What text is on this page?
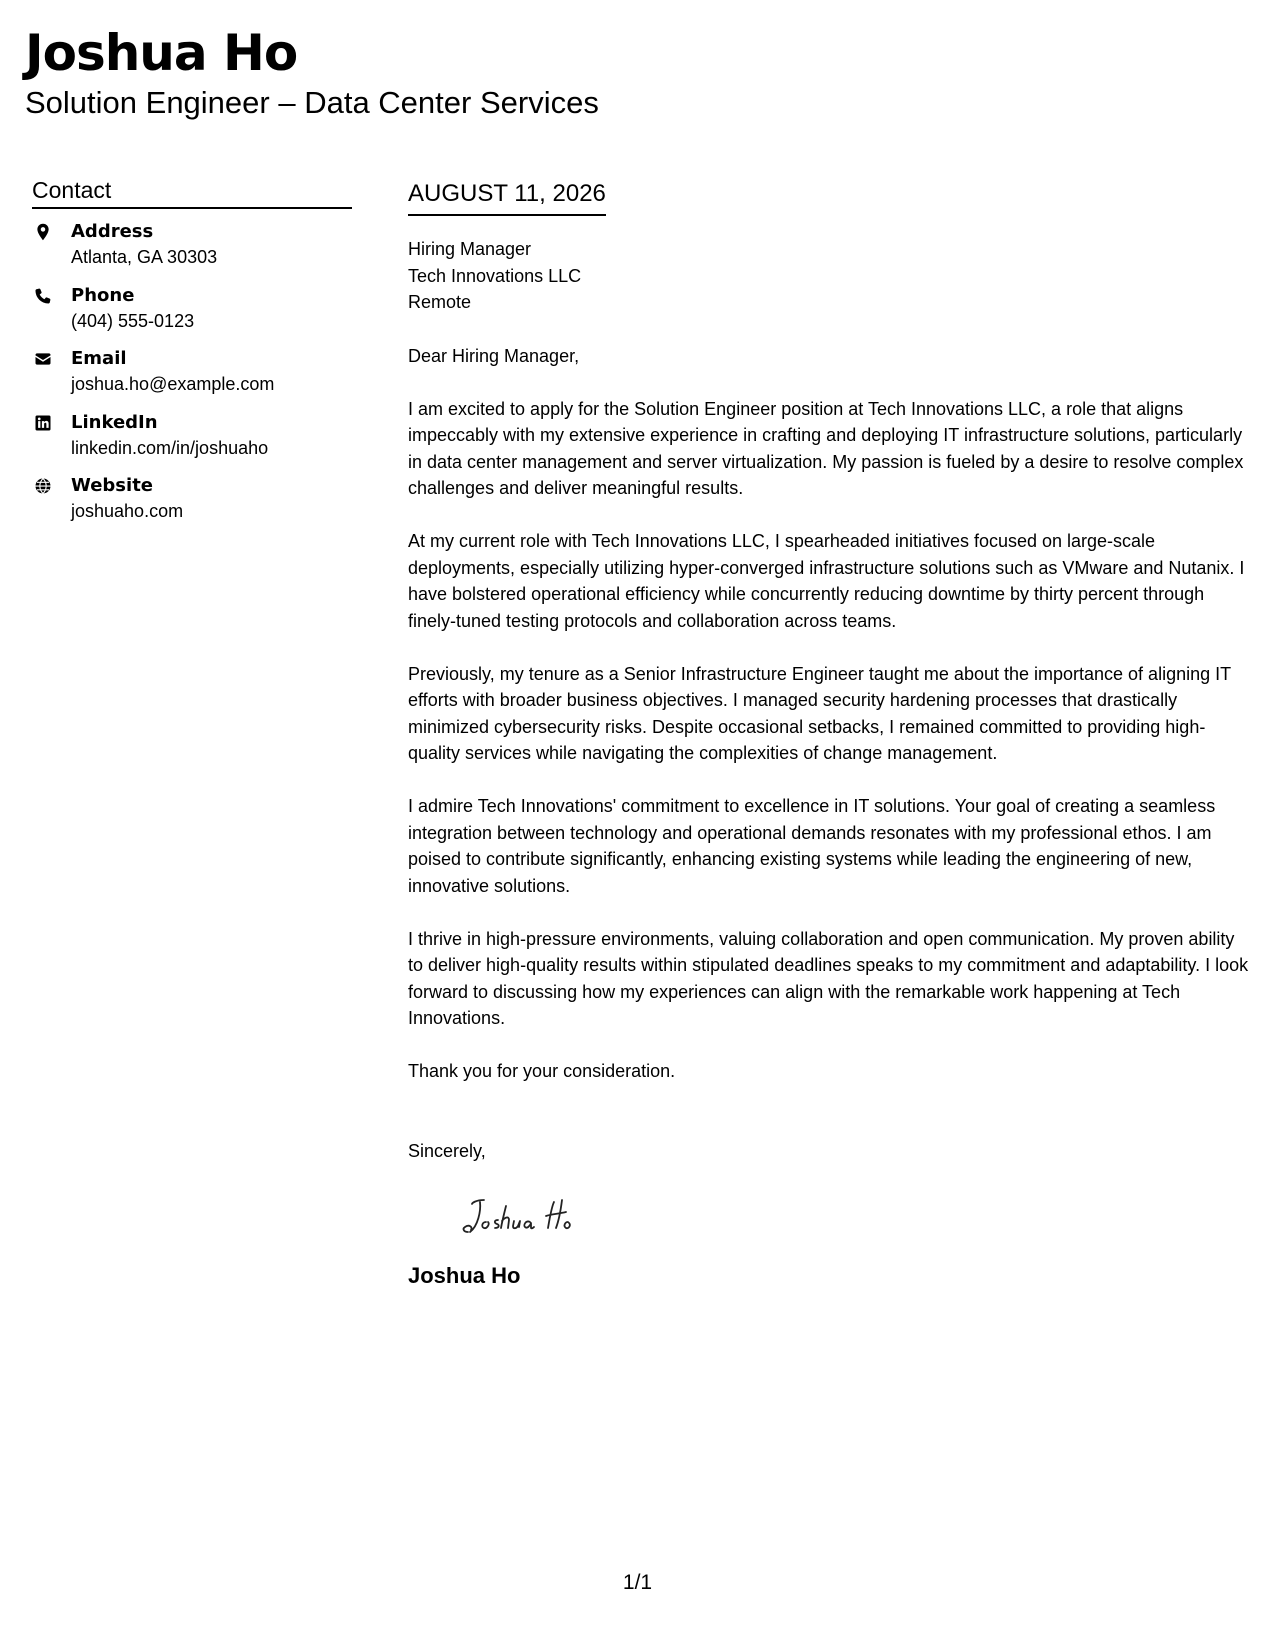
Joshua Ho

Solution Engineer – Data Center Services

Contact
Address
Atlanta, GA 30303
Phone
(404) 555-0123
Email
joshua.ho@example.com
LinkedIn
linkedin.com/in/joshuaho
Website
joshuaho.com
AUGUST 11, 2026
Hiring Manager
Tech Innovations LLC
Remote

Dear Hiring Manager,

I am excited to apply for the Solution Engineer position at Tech Innovations LLC, a role that aligns impeccably with my extensive experience in crafting and deploying IT infrastructure solutions, particularly in data center management and server virtualization. My passion is fueled by a desire to resolve complex challenges and deliver meaningful results.

At my current role with Tech Innovations LLC, I spearheaded initiatives focused on large-scale deployments, especially utilizing hyper-converged infrastructure solutions such as VMware and Nutanix. I have bolstered operational efficiency while concurrently reducing downtime by thirty percent through finely-tuned testing protocols and collaboration across teams.

Previously, my tenure as a Senior Infrastructure Engineer taught me about the importance of aligning IT efforts with broader business objectives. I managed security hardening processes that drastically minimized cybersecurity risks. Despite occasional setbacks, I remained committed to providing high-quality services while navigating the complexities of change management.

I admire Tech Innovations' commitment to excellence in IT solutions. Your goal of creating a seamless integration between technology and operational demands resonates with my professional ethos. I am poised to contribute significantly, enhancing existing systems while leading the engineering of new, innovative solutions.

I thrive in high-pressure environments, valuing collaboration and open communication. My proven ability to deliver high-quality results within stipulated deadlines speaks to my commitment and adaptability. I look forward to discussing how my experiences can align with the remarkable work happening at Tech Innovations.

Thank you for your consideration.

Sincerely,
Joshua Ho
1/1
